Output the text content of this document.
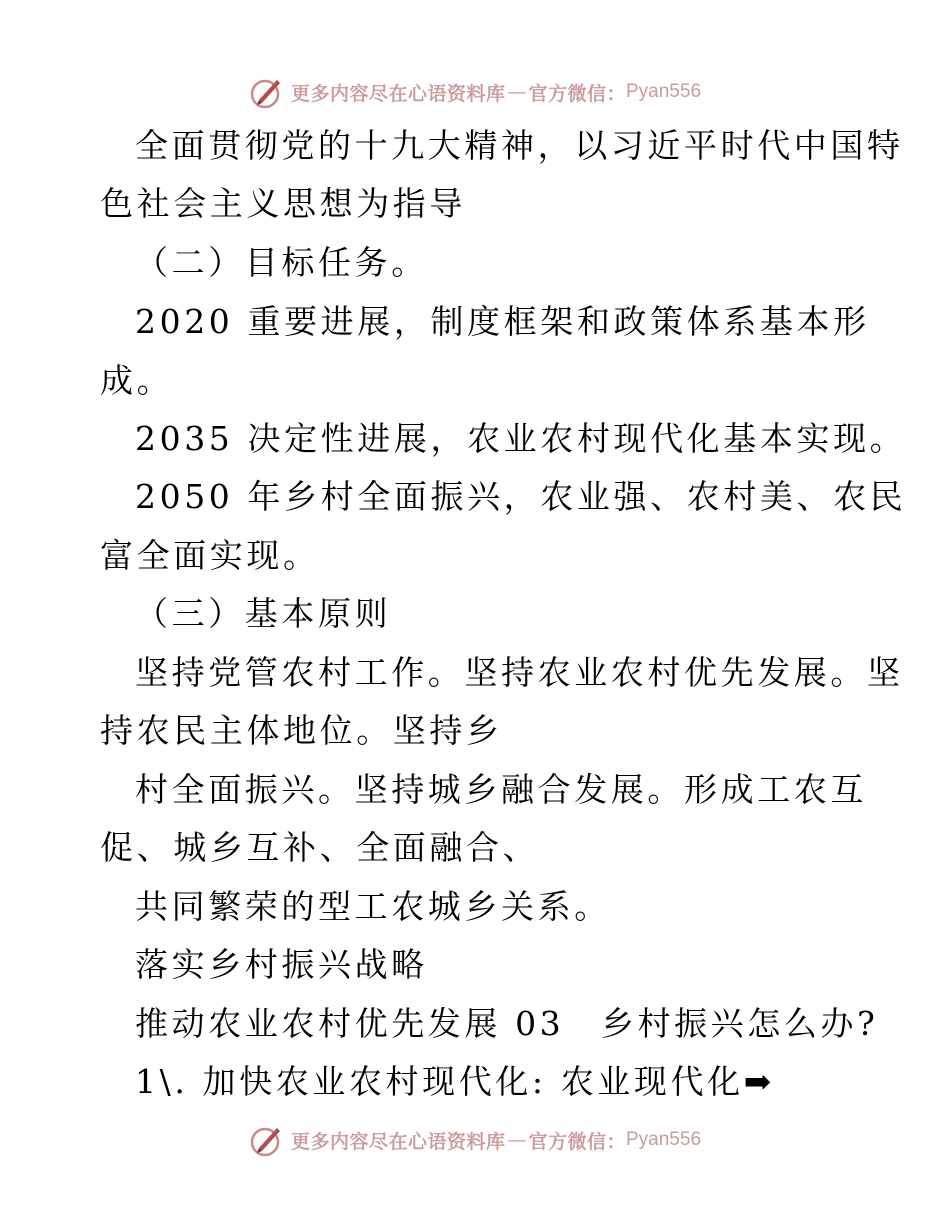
更多内容尽在心语资料库 — 官方微信： Pyan556
全面贯彻党的十九大精神，以习近平时代中国特
色社会主义思想为指导
（二）目标任务。
2020 重要进展，制度框架和政策体系基本形
成。
2035 决定性进展，农业农村现代化基本实现。
2050 年乡村全面振兴，农业强、农村美、农民
富全面实现。
（三）基本原则
坚持党管农村工作。坚持农业农村优先发展。坚
持农民主体地位。坚持乡
村全面振兴。坚持城乡融合发展。形成工农互
促、城乡互补、全面融合、
共同繁荣的型工农城乡关系。
落实乡村振兴战略
推动农业农村优先发展 03　乡村振兴怎么办?
1\. 加快农业农村现代化: 农业现代化➡
更多内容尽在心语资料库 — 官方微信： Pyan556
